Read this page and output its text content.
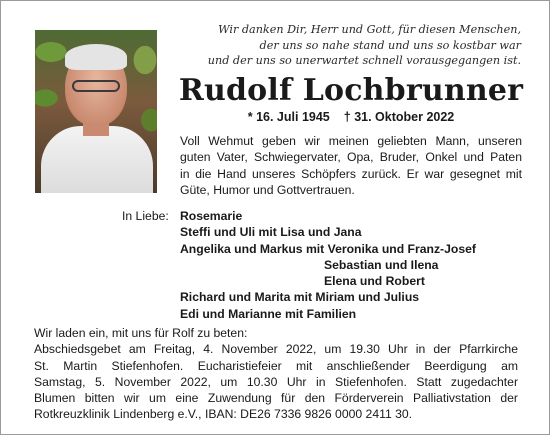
Wir danken Dir, Herr und Gott, für diesen Menschen,
der uns so nahe stand und uns so kostbar war
und der uns so unerwartet schnell vorausgegangen ist.
Rudolf Lochbrunner
* 16. Juli 1945 † 31. Oktober 2022
Voll Wehmut geben wir meinen geliebten Mann, unseren
guten Vater, Schwiegervater, Opa, Bruder, Onkel und Paten
in die Hand unseres Schöpfers zurück. Er war gesegnet mit
Güte, Humor und Gottvertrauen.
In Liebe: Rosemarie
Steffi und Uli mit Lisa und Jana
Angelika und Markus mit Veronika und Franz-Josef
Sebastian und Ilena
Elena und Robert
Richard und Marita mit Miriam und Julius
Edi und Marianne mit Familien
Wir laden ein, mit uns für Rolf zu beten:
Abschiedsgebet am Freitag, 4. November 2022, um 19.30 Uhr in der Pfarrkirche
St. Martin Stiefenhofen. Eucharistiefeier mit anschließender Beerdigung am
Samstag, 5. November 2022, um 10.30 Uhr in Stiefenhofen. Statt zugedachter
Blumen bitten wir um eine Zuwendung für den Förderverein Palliativstation der
Rotkreuzklinik Lindenberg e.V., IBAN: DE26 7336 9826 0000 2411 30.
